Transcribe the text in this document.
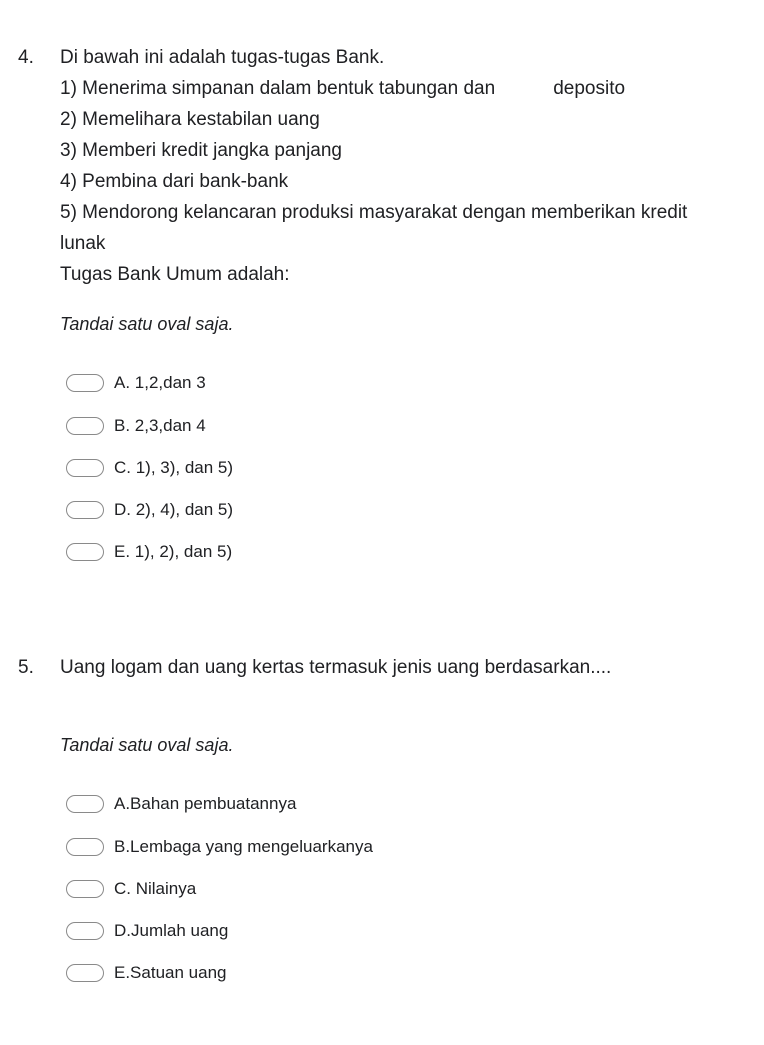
4. Di bawah ini adalah tugas-tugas Bank.
1) Menerima simpanan dalam bentuk tabungan dan           deposito
2) Memelihara kestabilan uang
3) Memberi kredit jangka panjang
4) Pembina dari bank-bank
5) Mendorong kelancaran produksi masyarakat dengan memberikan kredit
lunak
Tugas Bank Umum adalah:
Tandai satu oval saja.
A. 1,2,dan 3
B. 2,3,dan 4
C. 1), 3), dan 5)
D. 2), 4), dan 5)
E. 1), 2), dan 5)
5. Uang logam dan uang kertas termasuk jenis uang berdasarkan....
Tandai satu oval saja.
A.Bahan pembuatannya
B.Lembaga yang mengeluarkanya
C. Nilainya
D.Jumlah uang
E.Satuan uang
